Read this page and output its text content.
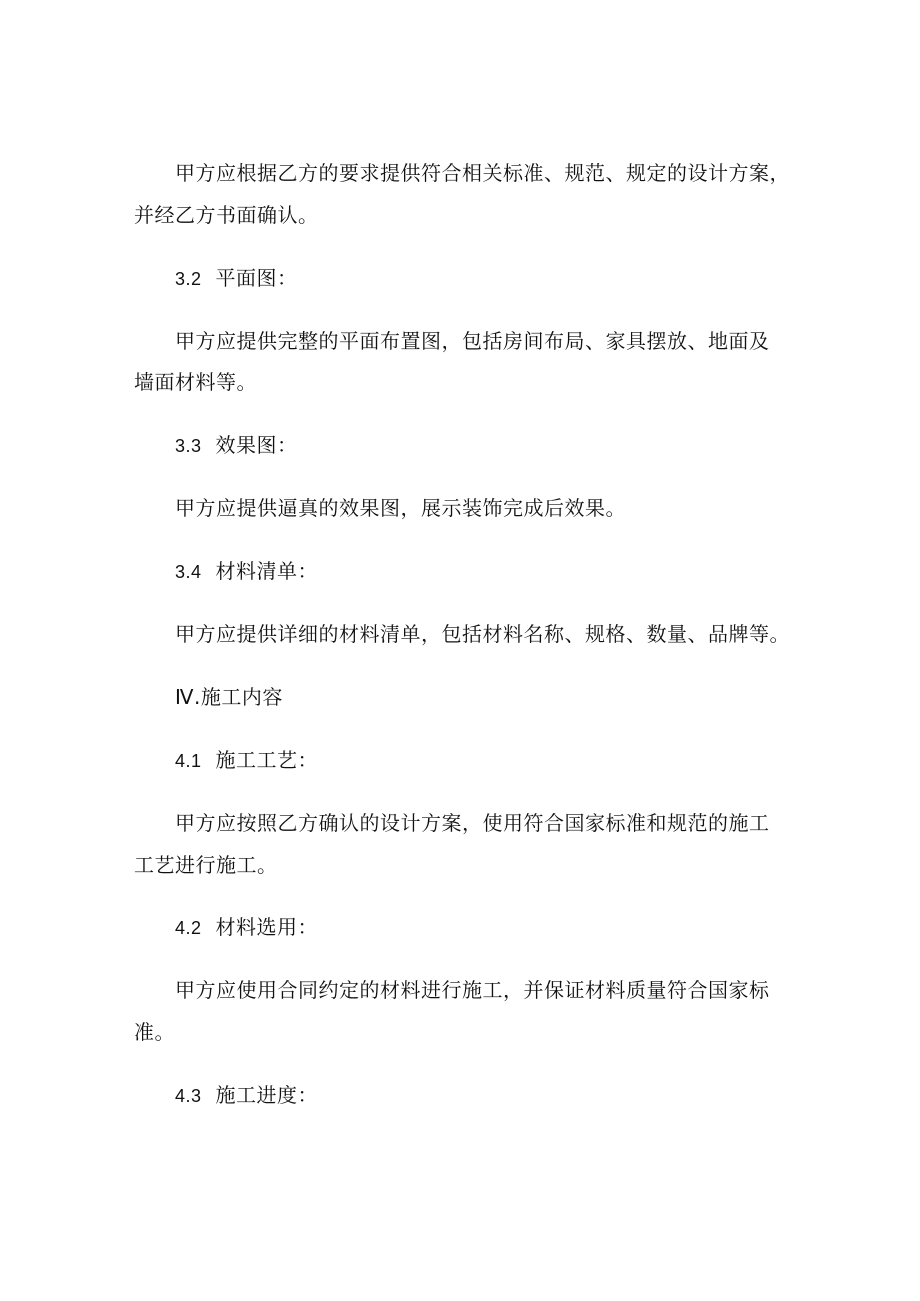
甲方应根据乙方的要求提供符合相关标准、规范、规定的设计方案，
并经乙方书面确认。
3.2 平面图：
甲方应提供完整的平面布置图，包括房间布局、家具摆放、地面及
墙面材料等。
3.3 效果图：
甲方应提供逼真的效果图，展示装饰完成后效果。
3.4 材料清单：
甲方应提供详细的材料清单，包括材料名称、规格、数量、品牌等。
Ⅳ.施工内容
4.1 施工工艺：
甲方应按照乙方确认的设计方案，使用符合国家标准和规范的施工
工艺进行施工。
4.2 材料选用：
甲方应使用合同约定的材料进行施工，并保证材料质量符合国家标
准。
4.3 施工进度：
